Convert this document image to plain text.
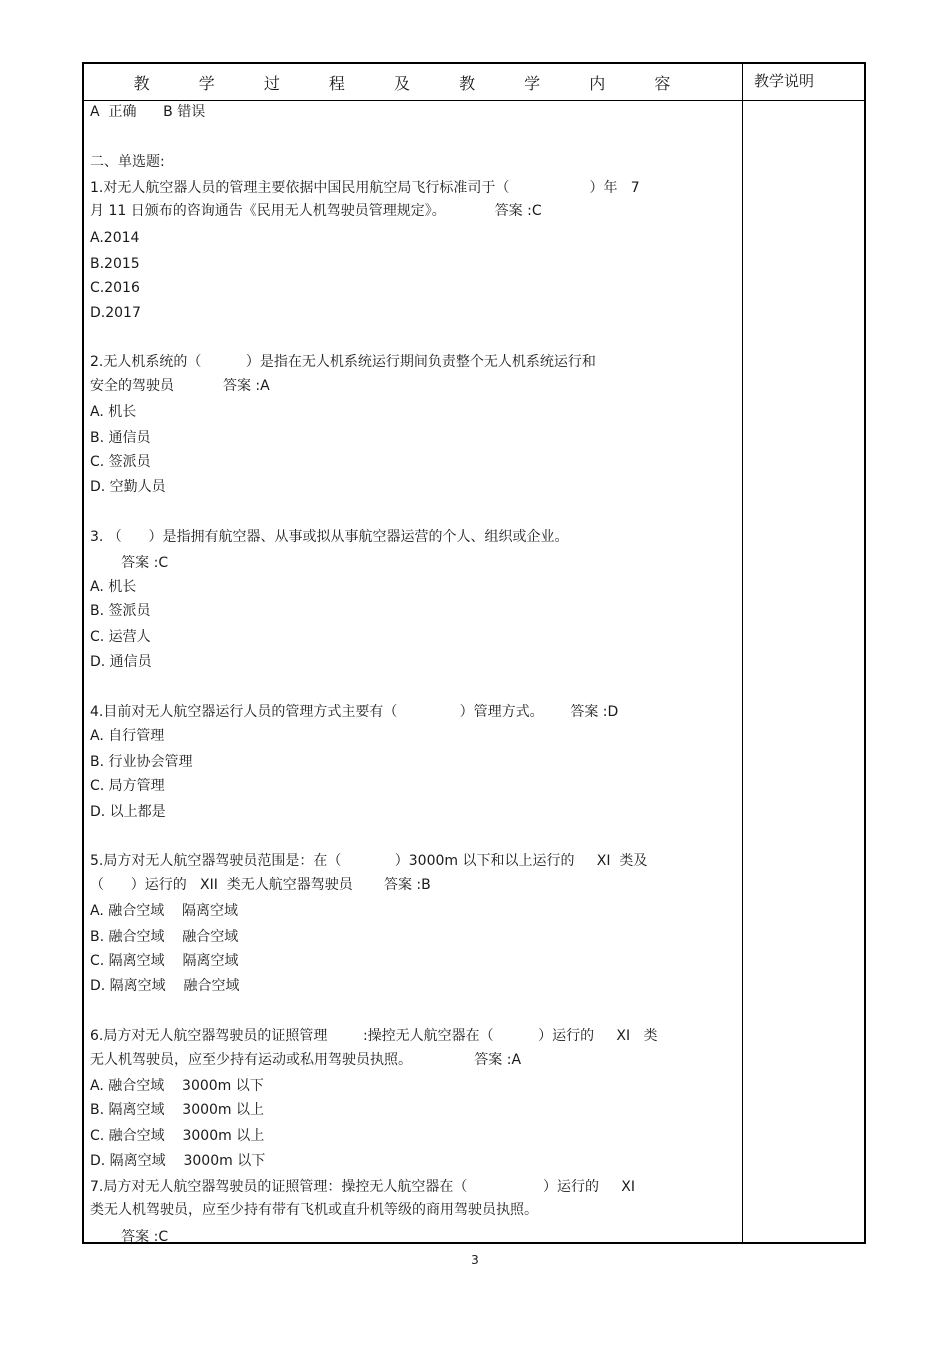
教 学 过 程 及 教 学 内 容	教学说明
A  正确      B 错误
二、单选题:
1.对无人航空器人员的管理主要依据中国民用航空局飞行标准司于（                  ）年   7
月 11 日颁布的咨询通告《民用无人机驾驶员管理规定》。           答案 :C
A.2014
B.2015
C.2016
D.2017
2.无人机系统的（          ）是指在无人机系统运行期间负责整个无人机系统运行和
安全的驾驶员           答案 :A
A. 机长
B. 通信员
C. 签派员
D. 空勤人员
3. （      ）是指拥有航空器、从事或拟从事航空器运营的个人、组织或企业。
答案 :C
A. 机长
B. 签派员
C. 运营人
D. 通信员
4.目前对无人航空器运行人员的管理方式主要有（              ）管理方式。      答案 :D
A. 自行管理
B. 行业协会管理
C. 局方管理
D. 以上都是
5.局方对无人航空器驾驶员范围是：在（            ）3000m 以下和以上运行的     XI  类及
（      ）运行的   XII  类无人航空器驾驶员       答案 :B
A. 融合空域    隔离空域
B. 融合空域    融合空域
C. 隔离空域    隔离空域
D. 隔离空域    融合空域
6.局方对无人航空器驾驶员的证照管理        :操控无人航空器在（          ）运行的     XI   类
无人机驾驶员，应至少持有运动或私用驾驶员执照。              答案 :A
A. 融合空域    3000m 以下
B. 隔离空域    3000m 以上
C. 融合空域    3000m 以上
D. 隔离空域    3000m 以下
7.局方对无人航空器驾驶员的证照管理：操控无人航空器在（                 ）运行的     XI
类无人机驾驶员，应至少持有带有飞机或直升机等级的商用驾驶员执照。
答案 :C
3
